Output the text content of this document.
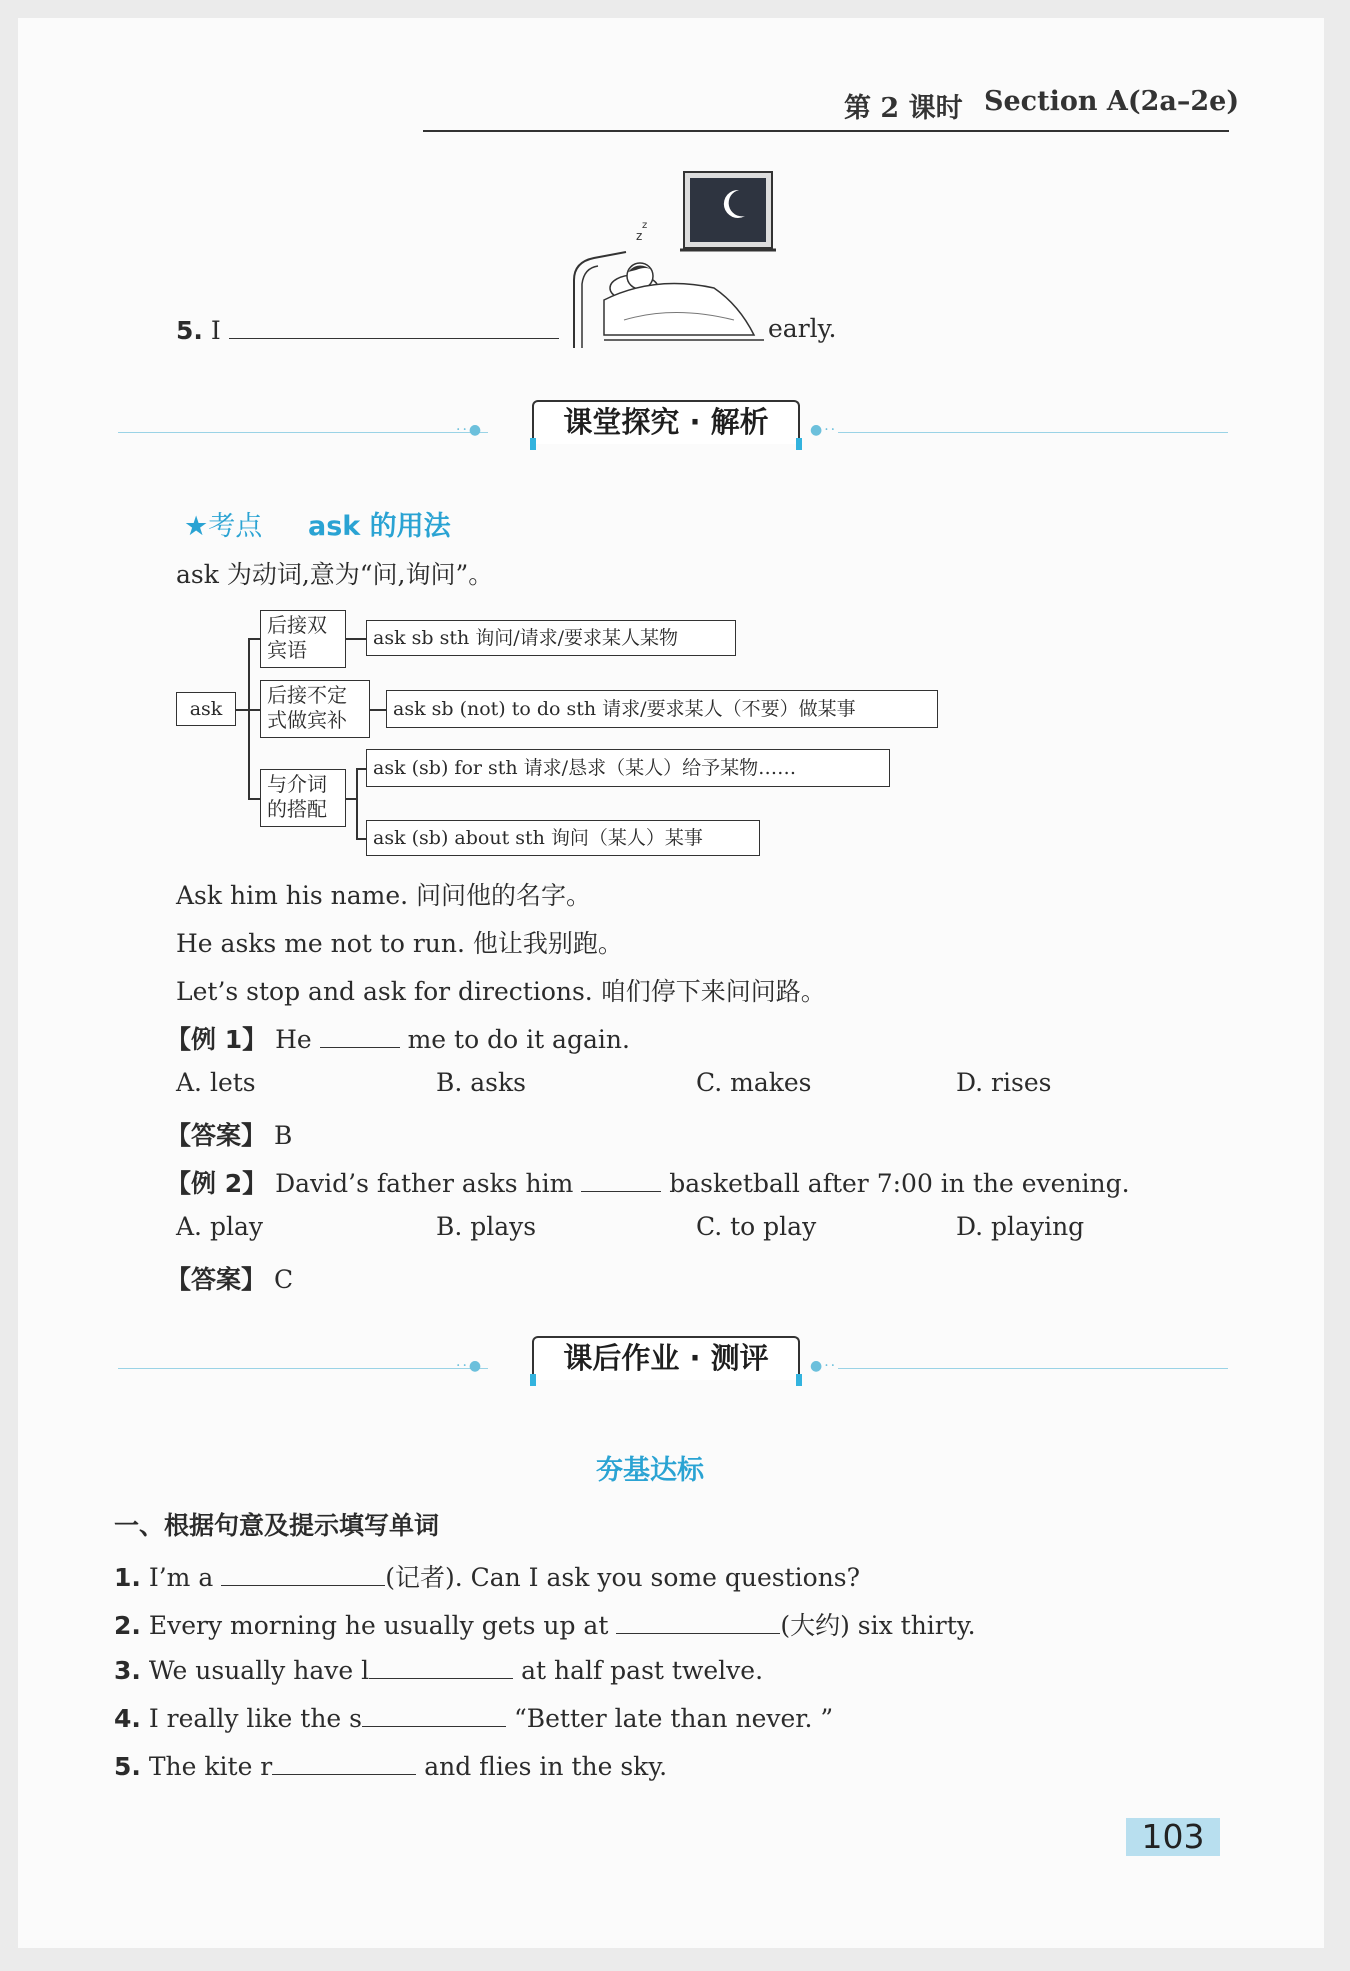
第 2 课时 Section A(2a–2e)
z
z
5. I	early.
··●	课堂探究 · 解析	●··
★考点 ask 的用法
ask 为动词,意为“问,询问”。
ask
后接双宾语
后接不定式做宾补
与介词的搭配
ask sb sth 询问/请求/要求某人某物
ask sb (not) to do sth 请求/要求某人（不要）做某事
ask (sb) for sth 请求/恳求（某人）给予某物……
ask (sb) about sth 询问（某人）某事
Ask him his name. 问问他的名字。
He asks me not to run. 他让我别跑。
Let’s stop and ask for directions. 咱们停下来问问路。
【例 1】 He	me to do it again.
A. lets	B. asks	C. makes	D. rises
【答案】 B
【例 2】 David’s father asks him	basketball after 7:00 in the evening.
A. play	B. plays	C. to play	D. playing
【答案】 C
··●	课后作业 · 测评	●··
夯基达标
一、根据句意及提示填写单词
1. I’m a	(记者). Can I ask you some questions?
2. Every morning he usually gets up at	(大约) six thirty.
3. We usually have l	at half past twelve.
4. I really like the s	“Better late than never. ”
5. The kite r	and flies in the sky.
103
